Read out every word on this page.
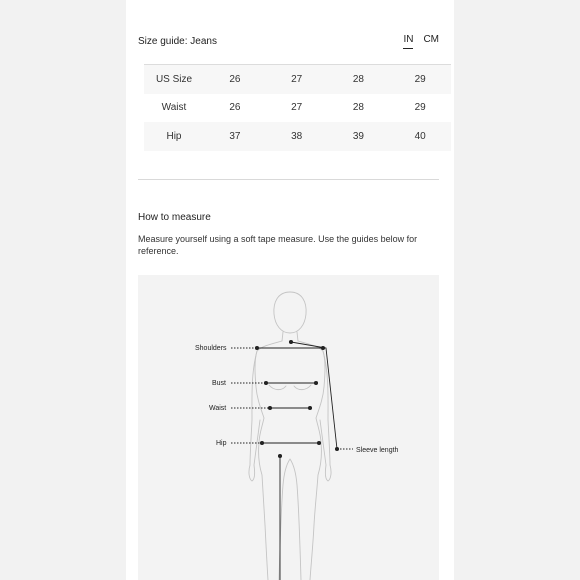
Size guide: Jeans	IN CM
US Size	26	27	28	29
Waist	26	27	28	29
Hip	37	38	39	40
How to measure
Measure yourself using a soft tape measure. Use the guides below for reference.
Shoulders
Bust
Waist
Hip
Sleeve length
